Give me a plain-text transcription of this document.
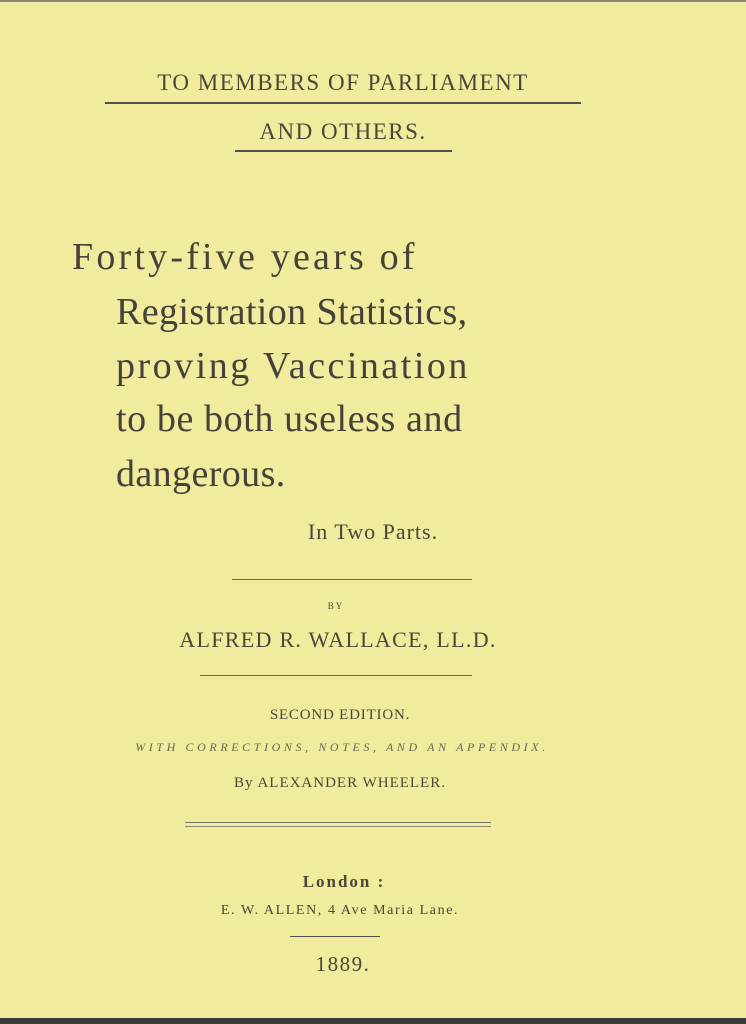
TO MEMBERS OF PARLIAMENT
AND OTHERS.
Forty-five years of
Registration Statistics,
proving Vaccination
to be both useless and
dangerous.
In Two Parts.
BY
ALFRED R. WALLACE, LL.D.
SECOND EDITION.
WITH CORRECTIONS, NOTES, AND AN APPENDIX.
By ALEXANDER WHEELER.
London :
E. W. ALLEN, 4 Ave Maria Lane.
1889.
